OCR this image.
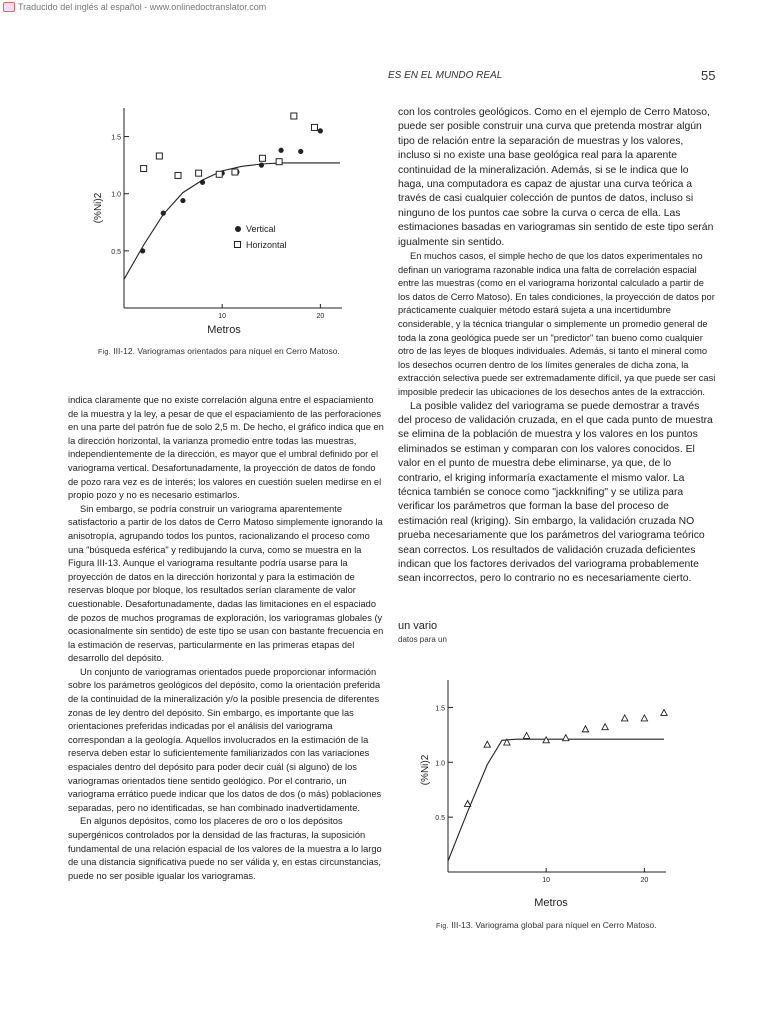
Traducido del inglés al español - www.onlinedoctranslator.com
ES EN EL MUNDO REAL	55
0.5
1.0
1.5
10	20
Metros
(%Ni)2
Vertical
Horizontal
Fig. III-12. Variogramas orientados para níquel en Cerro Matoso.

con los controles geológicos. Como en el ejemplo de Cerro Matoso, puede ser posible construir una curva que pretenda mostrar algún tipo de relación entre la separación de muestras y los valores, incluso si no existe una base geológica real para la aparente continuidad de la mineralización. Además, si se le indica que lo haga, una computadora es capaz de ajustar una curva teórica a través de casi cualquier colección de puntos de datos, incluso si ninguno de los puntos cae sobre la curva o cerca de ella. Las estimaciones basadas en variogramas sin sentido de este tipo serán igualmente sin sentido.

En muchos casos, el simple hecho de que los datos experimentales no definan un variograma razonable indica una falta de correlación espacial entre las muestras (como en el variograma horizontal calculado a partir de los datos de Cerro Matoso). En tales condiciones, la proyección de datos por prácticamente cualquier método estará sujeta a una incertidumbre considerable, y la técnica triangular o simplemente un promedio general de toda la zona geológica puede ser un "predictor" tan bueno como cualquier otro de las leyes de bloques individuales. Además, si tanto el mineral como los desechos ocurren dentro de los límites generales de dicha zona, la extracción selectiva puede ser extremadamente difícil, ya que puede ser casi imposible predecir las ubicaciones de los desechos antes de la extracción.

La posible validez del variograma se puede demostrar a través del proceso de validación cruzada, en el que cada punto de muestra se elimina de la población de muestra y los valores en los puntos eliminados se estiman y comparan con los valores conocidos. El valor en el punto de muestra debe eliminarse, ya que, de lo contrario, el kriging informaría exactamente el mismo valor. La técnica también se conoce como "jackknifing" y se utiliza para verificar los parámetros que forman la base del proceso de estimación real (kriging). Sin embargo, la validación cruzada NO prueba necesariamente que los parámetros del variograma teórico sean correctos. Los resultados de validación cruzada deficientes indican que los factores derivados del variograma probablemente sean incorrectos, pero lo contrario no es necesariamente cierto.

un vario
datos para un

indica claramente que no existe correlación alguna entre el espaciamiento de la muestra y la ley, a pesar de que el espaciamiento de las perforaciones en una parte del patrón fue de solo 2,5 m. De hecho, el gráfico indica que en la dirección horizontal, la varianza promedio entre todas las muestras, independientemente de la dirección, es mayor que el umbral definido por el variograma vertical. Desafortunadamente, la proyección de datos de fondo de pozo rara vez es de interés; los valores en cuestión suelen medirse en el propio pozo y no es necesario estimarlos.

Sin embargo, se podría construir un variograma aparentemente satisfactorio a partir de los datos de Cerro Matoso simplemente ignorando la anisotropía, agrupando todos los puntos, racionalizando el proceso como una "búsqueda esférica" y redibujando la curva, como se muestra en la Figura III-13. Aunque el variograma resultante podría usarse para la proyección de datos en la dirección horizontal y para la estimación de reservas bloque por bloque, los resultados serían claramente de valor cuestionable. Desafortunadamente, dadas las limitaciones en el espaciado de pozos de muchos programas de exploración, los variogramas globales (y ocasionalmente sin sentido) de este tipo se usan con bastante frecuencia en la estimación de reservas, particularmente en las primeras etapas del desarrollo del depósito.

Un conjunto de variogramas orientados puede proporcionar información sobre los parámetros geológicos del depósito, como la orientación preferida de la continuidad de la mineralización y/o la posible presencia de diferentes zonas de ley dentro del depósito. Sin embargo, es importante que las orientaciones preferidas indicadas por el análisis del variograma correspondan a la geología. Aquellos involucrados en la estimación de la reserva deben estar lo suficientemente familiarizados con las variaciones espaciales dentro del depósito para poder decir cuál (si alguno) de los variogramas orientados tiene sentido geológico. Por el contrario, un variograma errático puede indicar que los datos de dos (o más) poblaciones separadas, pero no identificadas, se han combinado inadvertidamente.

En algunos depósitos, como los placeres de oro o los depósitos supergénicos controlados por la densidad de las fracturas, la suposición fundamental de una relación espacial de los valores de la muestra a lo largo de una distancia significativa puede no ser válida y, en estas circunstancias, puede no ser posible igualar los variogramas.

0.5
1.0
1.5
10	20
Metros
(%Ni)2
Fig. III-13. Variograma global para níquel en Cerro Matoso.
